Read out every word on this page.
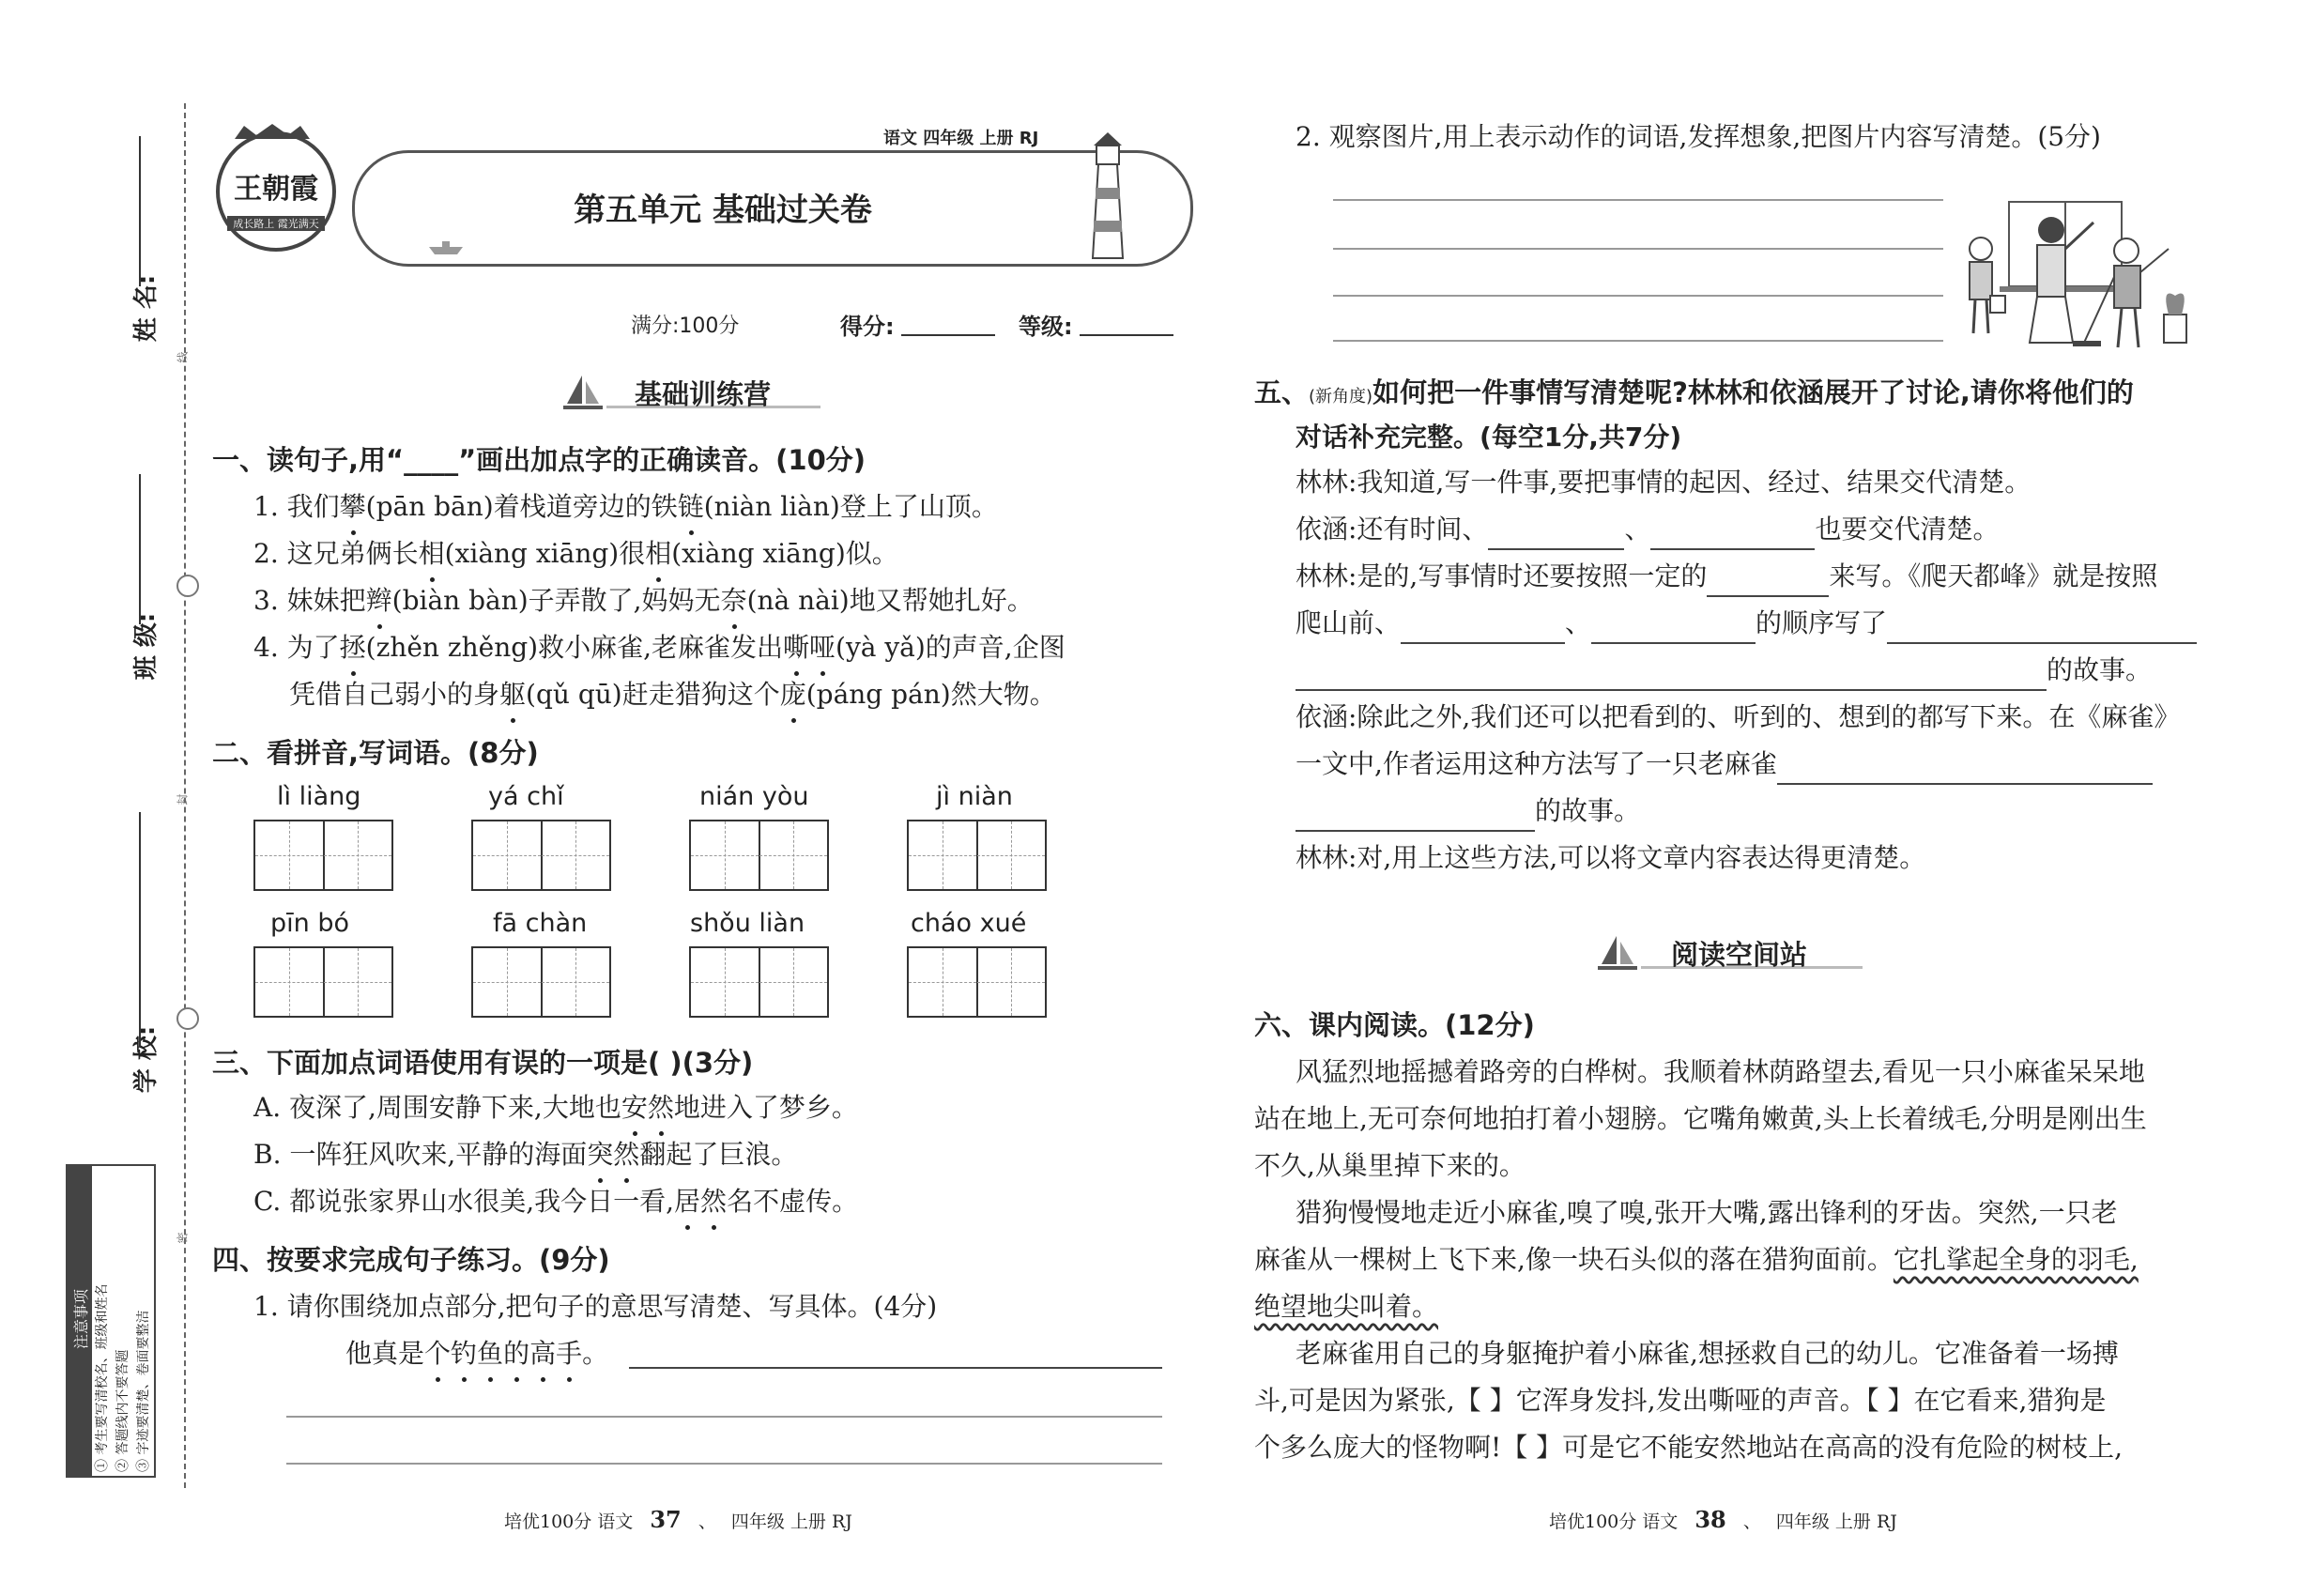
姓 名:
班 级:
学 校:
线
封
密
注意事项 ① 考生要写清校名、班级和姓名 ② 答题线内不要答题 ③ 字迹要清楚、卷面要整洁
王朝霞
成长路上 霞光满天
语文 四年级 上册 RJ
第五单元 基础过关卷
满分:100分	得分:	等级:
基础训练营
一、读句子,用“____”画出加点字的正确读音。(10分)
1. 我们攀(pān bān)着栈道旁边的铁链(niàn liàn)登上了山顶。
2. 这兄弟俩长相(xiàng xiāng)很相(xiàng xiāng)似。
3. 妹妹把辫(biàn bàn)子弄散了,妈妈无奈(nà nài)地又帮她扎好。
4. 为了拯(zhěn zhěng)救小麻雀,老麻雀发出嘶哑(yà yǎ)的声音,企图
凭借自己弱小的身躯(qǔ qū)赶走猎狗这个庞(páng pán)然大物。
二、看拼音,写词语。(8分)
lì liàng	yá chǐ	nián yòu	jì niàn
pīn bó	fā chàn	shǒu liàn	cháo xué
三、下面加点词语使用有误的一项是( )(3分)
A. 夜深了,周围安静下来,大地也安然地进入了梦乡。
B. 一阵狂风吹来,平静的海面突然翻起了巨浪。
C. 都说张家界山水很美,我今日一看,居然名不虚传。
四、按要求完成句子练习。(9分)
1. 请你围绕加点部分,把句子的意思写清楚、写具体。(4分)
他真是个钓鱼的高手。
培优100分 语文 37 、 四年级 上册 RJ
2. 观察图片,用上表示动作的词语,发挥想象,把图片内容写清楚。(5分)
五、(新角度)如何把一件事情写清楚呢?林林和依涵展开了讨论,请你将他们的
对话补充完整。(每空1分,共7分)
林林:我知道,写一件事,要把事情的起因、经过、结果交代清楚。
依涵:还有时间、	、	也要交代清楚。
林林:是的,写事情时还要按照一定的	来写。《爬天都峰》就是按照
爬山前、	、	的顺序写了
的故事。
依涵:除此之外,我们还可以把看到的、听到的、想到的都写下来。在《麻雀》
一文中,作者运用这种方法写了一只老麻雀
的故事。
林林:对,用上这些方法,可以将文章内容表达得更清楚。
阅读空间站
六、课内阅读。(12分)
风猛烈地摇撼着路旁的白桦树。我顺着林荫路望去,看见一只小麻雀呆呆地
站在地上,无可奈何地拍打着小翅膀。它嘴角嫩黄,头上长着绒毛,分明是刚出生
不久,从巢里掉下来的。
猎狗慢慢地走近小麻雀,嗅了嗅,张开大嘴,露出锋利的牙齿。突然,一只老
麻雀从一棵树上飞下来,像一块石头似的落在猎狗面前。它扎挲起全身的羽毛,
绝望地尖叫着。
老麻雀用自己的身躯掩护着小麻雀,想拯救自己的幼儿。它准备着一场搏
斗,可是因为紧张,【 】它浑身发抖,发出嘶哑的声音。【 】在它看来,猎狗是
个多么庞大的怪物啊!【 】可是它不能安然地站在高高的没有危险的树枝上,
培优100分 语文 38 、 四年级 上册 RJ
